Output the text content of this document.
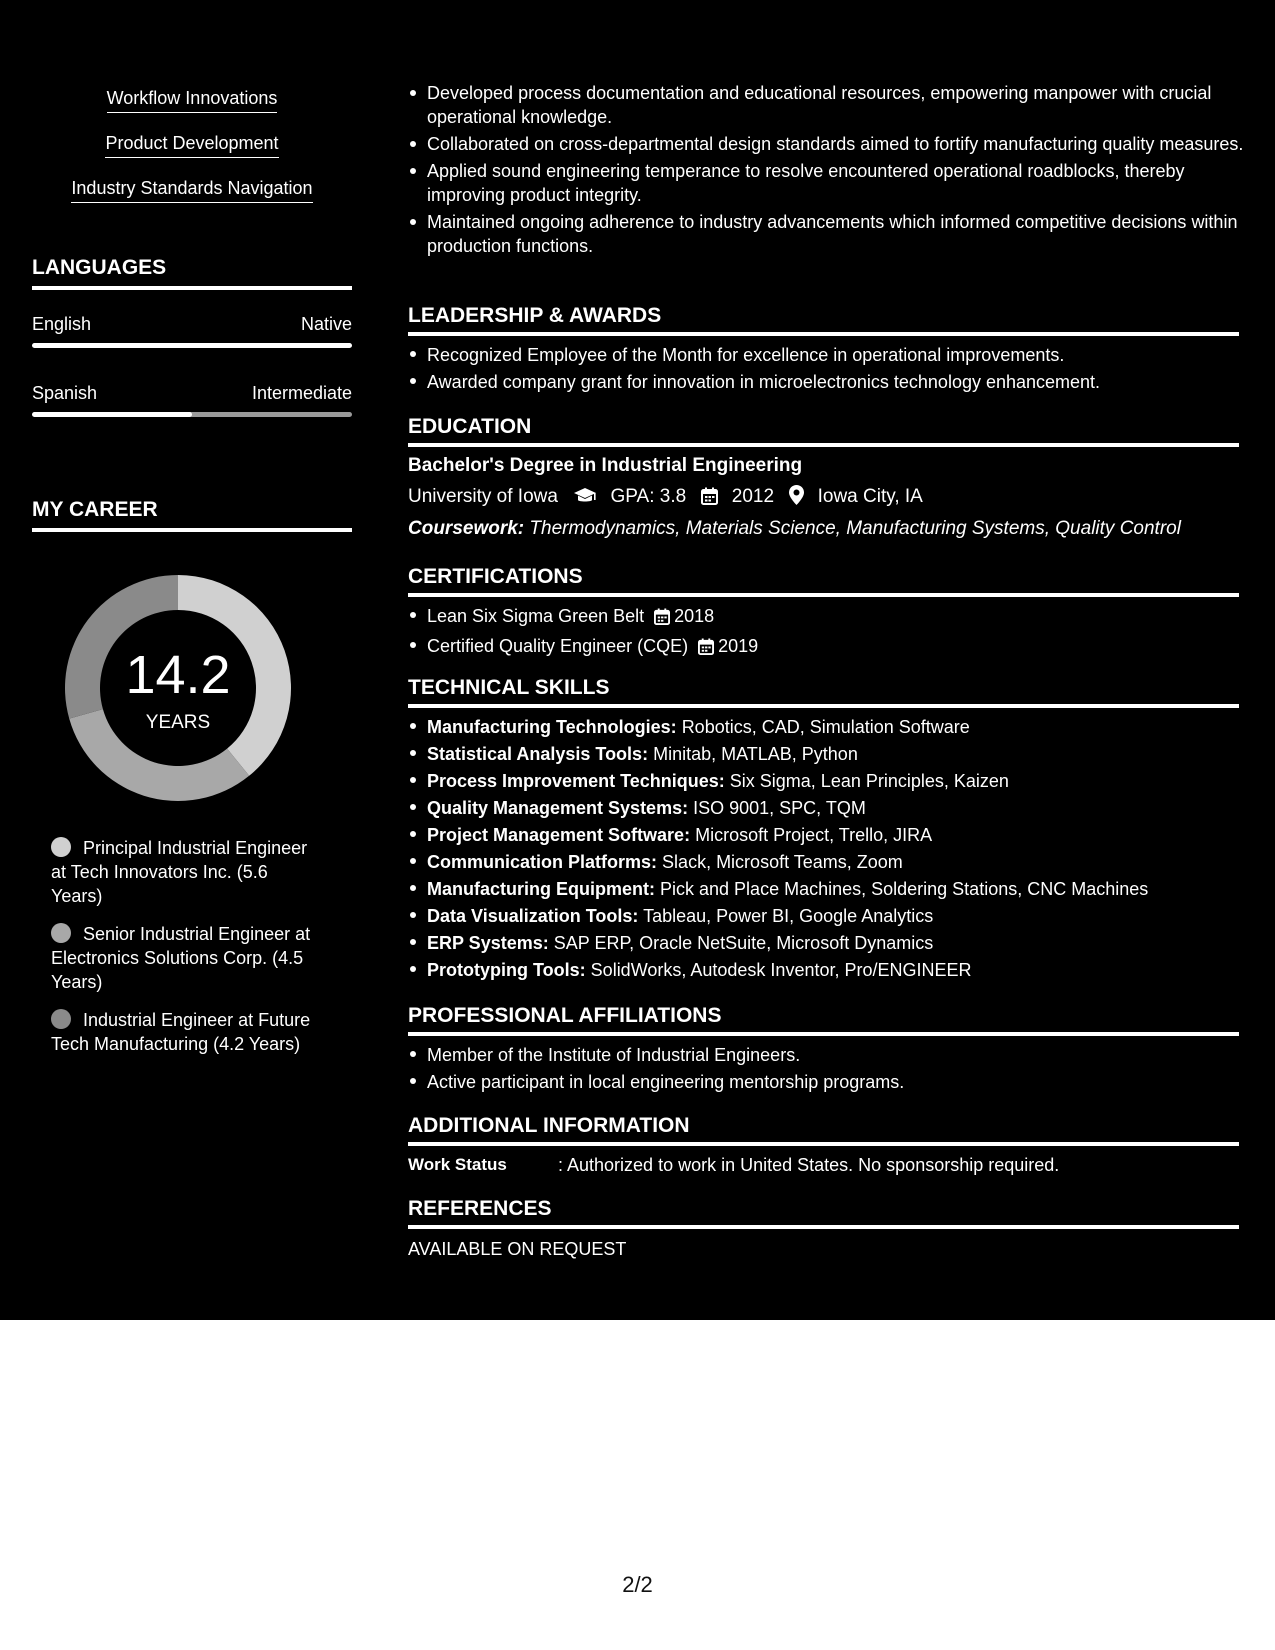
Workflow Innovations
Product Development
Industry Standards Navigation
LANGUAGES
English	Native
Spanish	Intermediate
MY CAREER
14.2
YEARS
Principal Industrial Engineer at Tech Innovators Inc. (5.6 Years)
Senior Industrial Engineer at Electronics Solutions Corp. (4.5 Years)
Industrial Engineer at Future Tech Manufacturing (4.2 Years)
Developed process documentation and educational resources, empowering manpower with crucial operational knowledge.
Collaborated on cross-departmental design standards aimed to fortify manufacturing quality measures.
Applied sound engineering temperance to resolve encountered operational roadblocks, thereby improving product integrity.
Maintained ongoing adherence to industry advancements which informed competitive decisions within production functions.
LEADERSHIP & AWARDS
Recognized Employee of the Month for excellence in operational improvements.
Awarded company grant for innovation in microelectronics technology enhancement.
EDUCATION
Bachelor's Degree in Industrial Engineering
University of Iowa	GPA: 3.8 2012 Iowa City, IA
Coursework: Thermodynamics, Materials Science, Manufacturing Systems, Quality Control
CERTIFICATIONS
Lean Six Sigma Green Belt 2018
Certified Quality Engineer (CQE) 2019
TECHNICAL SKILLS
Manufacturing Technologies: Robotics, CAD, Simulation Software
Statistical Analysis Tools: Minitab, MATLAB, Python
Process Improvement Techniques: Six Sigma, Lean Principles, Kaizen
Quality Management Systems: ISO 9001, SPC, TQM
Project Management Software: Microsoft Project, Trello, JIRA
Communication Platforms: Slack, Microsoft Teams, Zoom
Manufacturing Equipment: Pick and Place Machines, Soldering Stations, CNC Machines
Data Visualization Tools: Tableau, Power BI, Google Analytics
ERP Systems: SAP ERP, Oracle NetSuite, Microsoft Dynamics
Prototyping Tools: SolidWorks, Autodesk Inventor, Pro/ENGINEER
PROFESSIONAL AFFILIATIONS
Member of the Institute of Industrial Engineers.
Active participant in local engineering mentorship programs.
ADDITIONAL INFORMATION
Work Status	: Authorized to work in United States. No sponsorship required.
REFERENCES
AVAILABLE ON REQUEST
2/2
